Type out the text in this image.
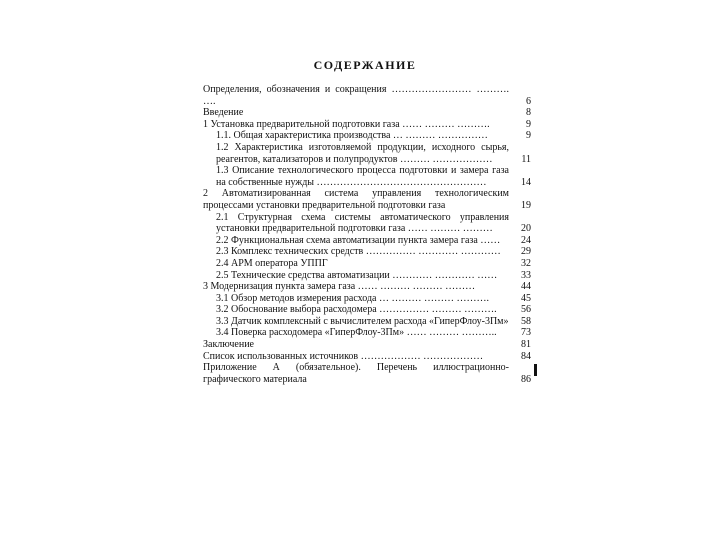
СОДЕРЖАНИЕ
Определения, обозначения и сокращения …………………… ………. ….	6
Введение	8
1 Установка предварительной подготовки газа …… ……… ……….	9
1.1. Общая характеристика производства … ……… ……………	9
1.2 Характеристика изготовляемой продукции, исходного сырья, реагентов, катализаторов и полупродуктов ……… ………………	11
1.3 Описание технологического процесса подготовки и замера газа на собственные нужды ……………………………………………	14
2 Автоматизированная система управления технологическим процессами установки предварительной подготовки газа	19
2.1 Структурная схема системы автоматического управления установки предварительной подготовки газа …… ……… ………	20
2.2 Функциональная схема автоматизации пункта замера газа ……	24
2.3 Комплекс технических средств …………… ………… …………	29
2.4 АРМ оператора УППГ	32
2.5 Технические средства автоматизации ………… ………… ……	33
3 Модернизация пункта замера газа …… ……… ……… ………	44
3.1 Обзор методов измерения расхода … ……… ……… ……….	45
3.2 Обоснование выбора расходомера …………… ……… ……….	56
3.3 Датчик комплексный с вычислителем расхода «ГиперФлоу-3Пм» 58
3.4 Поверка расходомера «ГиперФлоу-3Пм» …… ……… ………..	73
Заключение	81
Список использованных источников ……………… ………………	84
Приложение А (обязательное). Перечень иллюстрационно-графического материала	86
